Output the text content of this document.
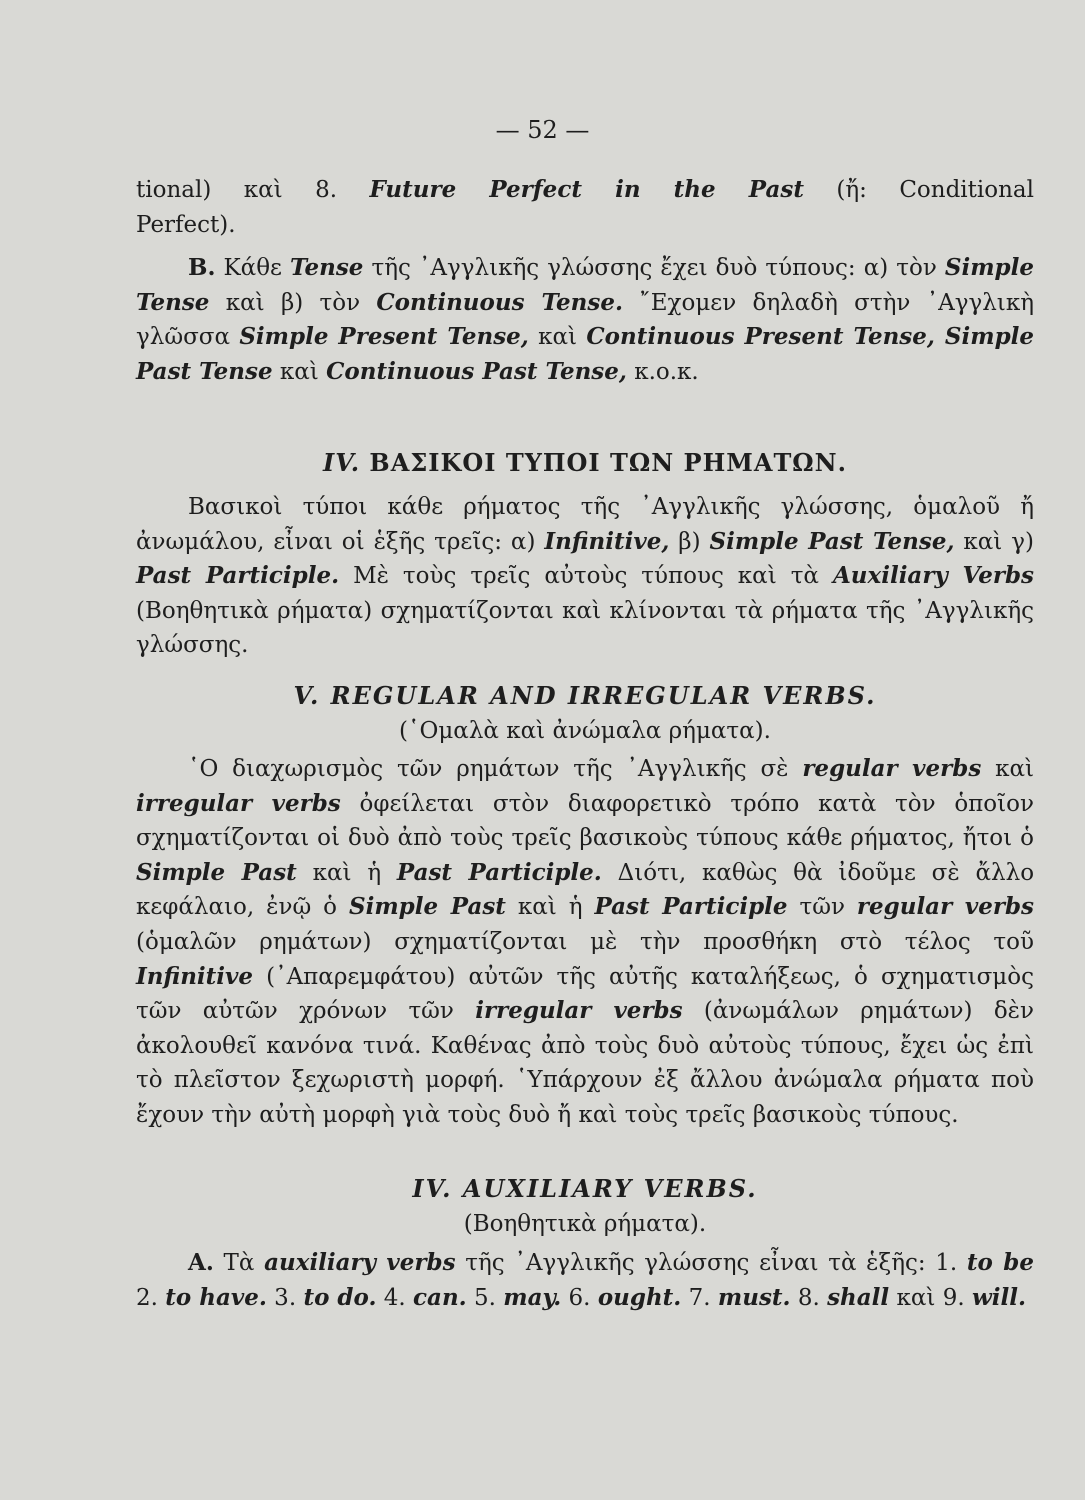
— 52 —

tional) καὶ 8. Future Perfect in the Past (ἤ: Conditional

Perfect).

B. Κάθε Tense τῆς ᾿Αγγλικῆς γλώσσης ἔχει δυὸ τύπους: α) τὸν Simple Tense καὶ β) τὸν Continuous Tense. ῎Εχομεν δηλαδὴ στὴν ᾿Αγγλικὴ γλῶσσα Simple Present Tense, καὶ Continuous Present Tense, Simple Past Tense καὶ Continuous Past Tense, κ.ο.κ.

IV. ΒΑΣΙΚΟΙ ΤΥΠΟΙ ΤΩΝ ΡΗΜΑΤΩΝ.

Βασικοὶ τύποι κάθε ρήματος τῆς ᾿Αγγλικῆς γλώσσης, ὁμαλοῦ ἤ ἀνωμάλου, εἶναι οἱ ἑξῆς τρεῖς: α) Infinitive, β) Simple Past Tense, καὶ γ) Past Participle. Μὲ τοὺς τρεῖς αὐτοὺς τύπους καὶ τὰ Auxiliary Verbs (Βοηθητικὰ ρήματα) σχηματίζονται καὶ κλίνονται τὰ ρήματα τῆς ᾿Αγγλικῆς γλώσσης.

V. REGULAR AND IRREGULAR VERBS.

(῾Ομαλὰ καὶ ἀνώμαλα ρήματα).

῾Ο διαχωρισμὸς τῶν ρημάτων τῆς ᾿Αγγλικῆς σὲ regular verbs καὶ irregular verbs ὀφείλεται στὸν διαφορετικὸ τρόπο κατὰ τὸν ὁποῖον σχηματίζονται οἱ δυὸ ἀπὸ τοὺς τρεῖς βασικοὺς τύπους κάθε ρήματος, ἤτοι ὁ Simple Past καὶ ἡ Past Participle. Διότι, καθὼς θὰ ἰδοῦμε σὲ ἄλλο κεφάλαιο, ἐνῷ ὁ Simple Past καὶ ἡ Past Participle τῶν regular verbs (ὁμαλῶν ρημάτων) σχηματίζονται μὲ τὴν προσθήκη στὸ τέλος τοῦ Infinitive (᾿Απαρεμφάτου) αὐτῶν τῆς αὐτῆς καταλήξεως, ὁ σχηματισμὸς τῶν αὐτῶν χρόνων τῶν irregular verbs (ἀνωμάλων ρημάτων) δὲν ἀκολουθεῖ κανόνα τινά. Καθένας ἀπὸ τοὺς δυὸ αὐτοὺς τύπους, ἔχει ὡς ἐπὶ τὸ πλεῖστον ξεχωριστὴ μορφή. ῾Υπάρχουν ἐξ ἄλλου ἀνώμαλα ρήματα ποὺ ἔχουν τὴν αὐτὴ μορφὴ γιὰ τοὺς δυὸ ἤ καὶ τοὺς τρεῖς βασικοὺς τύπους.

IV. AUXILIARY VERBS.

(Βοηθητικὰ ρήματα).

A. Τὰ auxiliary verbs τῆς ᾿Αγγλικῆς γλώσσης εἶναι τὰ ἑξῆς: 1. to be 2. to have. 3. to do. 4. can. 5. may. 6. ought. 7. must. 8. shall καὶ 9. will.
